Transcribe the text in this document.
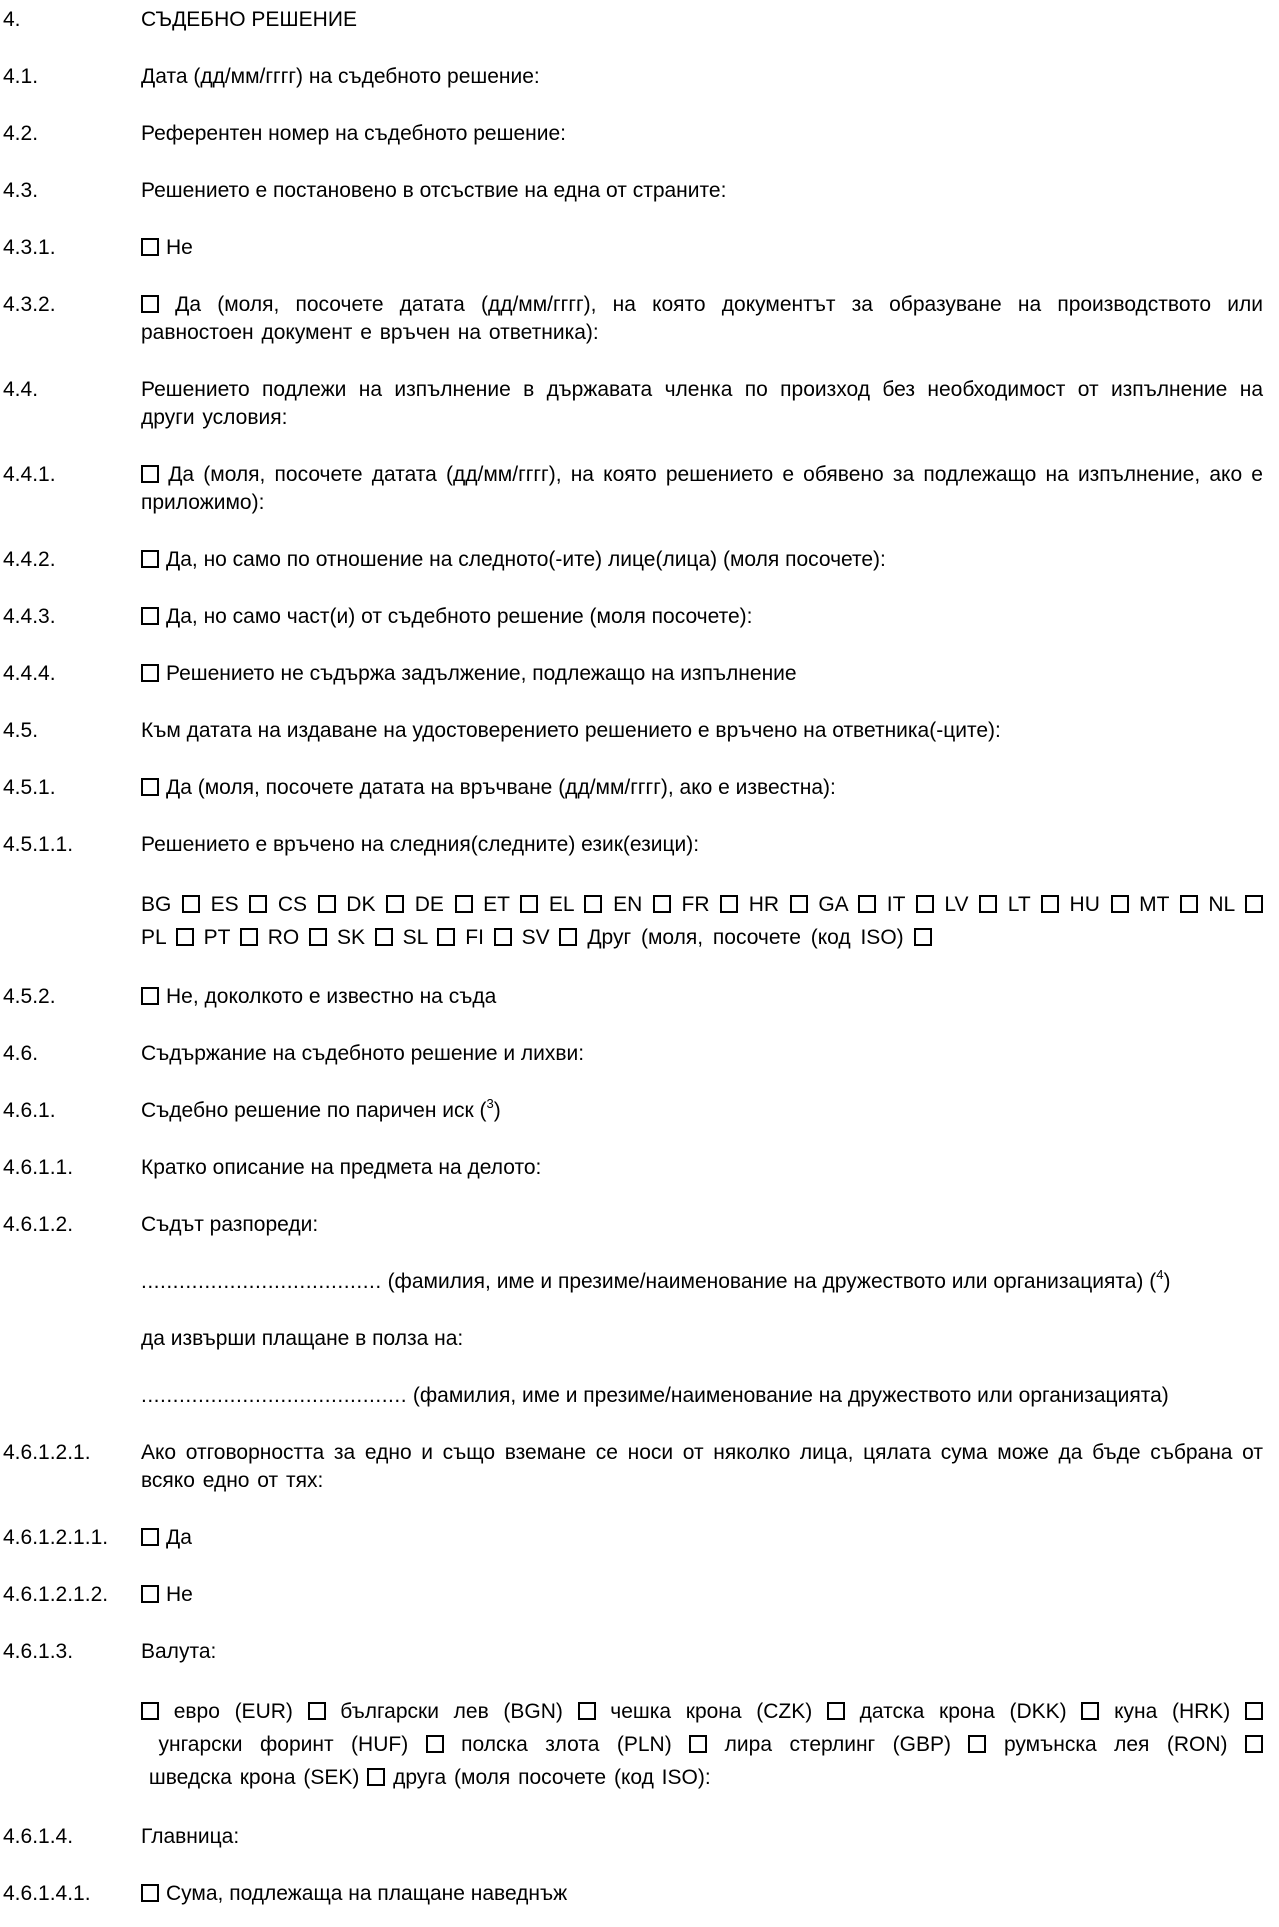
4.	СЪДЕБНО РЕШЕНИЕ
4.1.	Дата (дд/мм/гггг) на съдебното решение:
4.2.	Референтен номер на съдебното решение:
4.3.	Решението е постановено в отсъствие на една от страните:
4.3.1.	Не
4.3.2.	Да (моля, посочете датата (дд/мм/гггг), на която документът за образуване на производството или равностоен документ е връчен на ответника):
4.4.	Решението подлежи на изпълнение в държавата членка по произход без необходимост от изпълнение на други условия:
4.4.1.	Да (моля, посочете датата (дд/мм/гггг), на която решението е обявено за подлежащо на изпълнение, ако е приложимо):
4.4.2.	Да, но само по отношение на следното(-ите) лице(лица) (моля посочете):
4.4.3.	Да, но само част(и) от съдебното решение (моля посочете):
4.4.4.	Решението не съдържа задължение, подлежащо на изпълнение
4.5.	Към датата на издаване на удостоверението решението е връчено на ответника(-ците):
4.5.1.	Да (моля, посочете датата на връчване (дд/мм/гггг), ако е известна):
4.5.1.1.	Решението е връчено на следния(следните) език(езици):
BG ES CS DK DE ET EL EN FR HR GA IT LV LT HU MT NL  PL PT RO SK SL FI SV Друг (моля, посочете (код ISO)
4.5.2.	Не, доколкото е известно на съда
4.6.	Съдържание на съдебното решение и лихви:
4.6.1.	Съдебно решение по паричен иск ( $^3$ )
4.6.1.1.	Кратко описание на предмета на делото:
4.6.1.2.	Съдът разпореди:
...................................... (фамилия, име и презиме/наименование на дружеството или организацията) ( $^4$ )
да извърши плащане в полза на:
.......................................... (фамилия, име и презиме/наименование на дружеството или организацията)
4.6.1.2.1.	Ако отговорността за едно и също вземане се носи от няколко лица, цялата сума може да бъде събрана от всяко едно от тях:
4.6.1.2.1.1.	Да
4.6.1.2.1.2.	Не
4.6.1.3.	Валута:
евро (EUR) български лев (BGN) чешка крона (CZK) датска крона (DKK) куна (HRK)  унгарски форинт (HUF)	полска злота (PLN)	лира стерлинг (GBP)	румънска лея (RON)  шведска крона (SEK) друга (моля посочете (код ISO):
4.6.1.4.	Главница:
4.6.1.4.1.	Сума, подлежаща на плащане наведнъж
